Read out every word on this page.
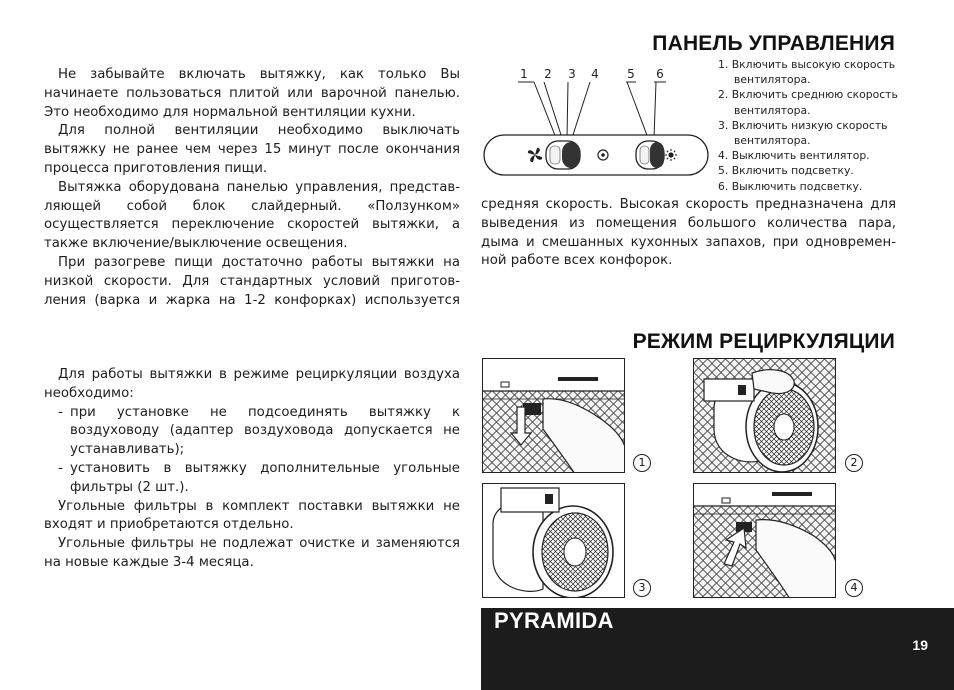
ПАНЕЛЬ УПРАВЛЕНИЯ
РЕЖИМ РЕЦИРКУЛЯЦИИ

Не забывайте включать вытяжку, как только Вы начинаете пользоваться плитой или варочной панелью. Это необходимо для нормальной вентиляции кухни.

Для полной вентиляции необходимо выключать вытяжку не ранее чем через 15 минут после окончания процесса приготовления пищи.

Вытяжка оборудована панелью управления, представляющей собой блок слайдерный. «Ползунком» осуществляется переключение скоростей вытяжки, а также включение/выключение освещения.

При разогреве пищи достаточно работы вытяжки на низкой скорости. Для стандартных условий приготовления (варка и жарка на 1-2 конфорках) используется

средняя скорость. Высокая скорость предназначена для выведения из помещения большого количества пара, дыма и смешанных кухонных запахов, при одновременной работе всех конфорок.

1 2 3 4 5 6
1. Включить высокую скорость
вентилятора.
2. Включить среднюю скорость
вентилятора.
3. Включить низкую скорость
вентилятора.
4. Выключить вентилятор.
5. Включить подсветку.
6. Выключить подсветку.

Для работы вытяжки в режиме рециркуляции воздуха необходимо:

- при установке не подсоединять вытяжку к воздуховоду (адаптер воздуховода допускается не устанавливать);
- установить в вытяжку дополнительные угольные фильтры (2 шт.).

Угольные фильтры в комплект поставки вытяжки не входят и приобретаются отдельно.

Угольные фильтры не подлежат очистке и заменяются на новые каждые 3-4 месяца.

1	2
3	4
PYRAMIDA
19
